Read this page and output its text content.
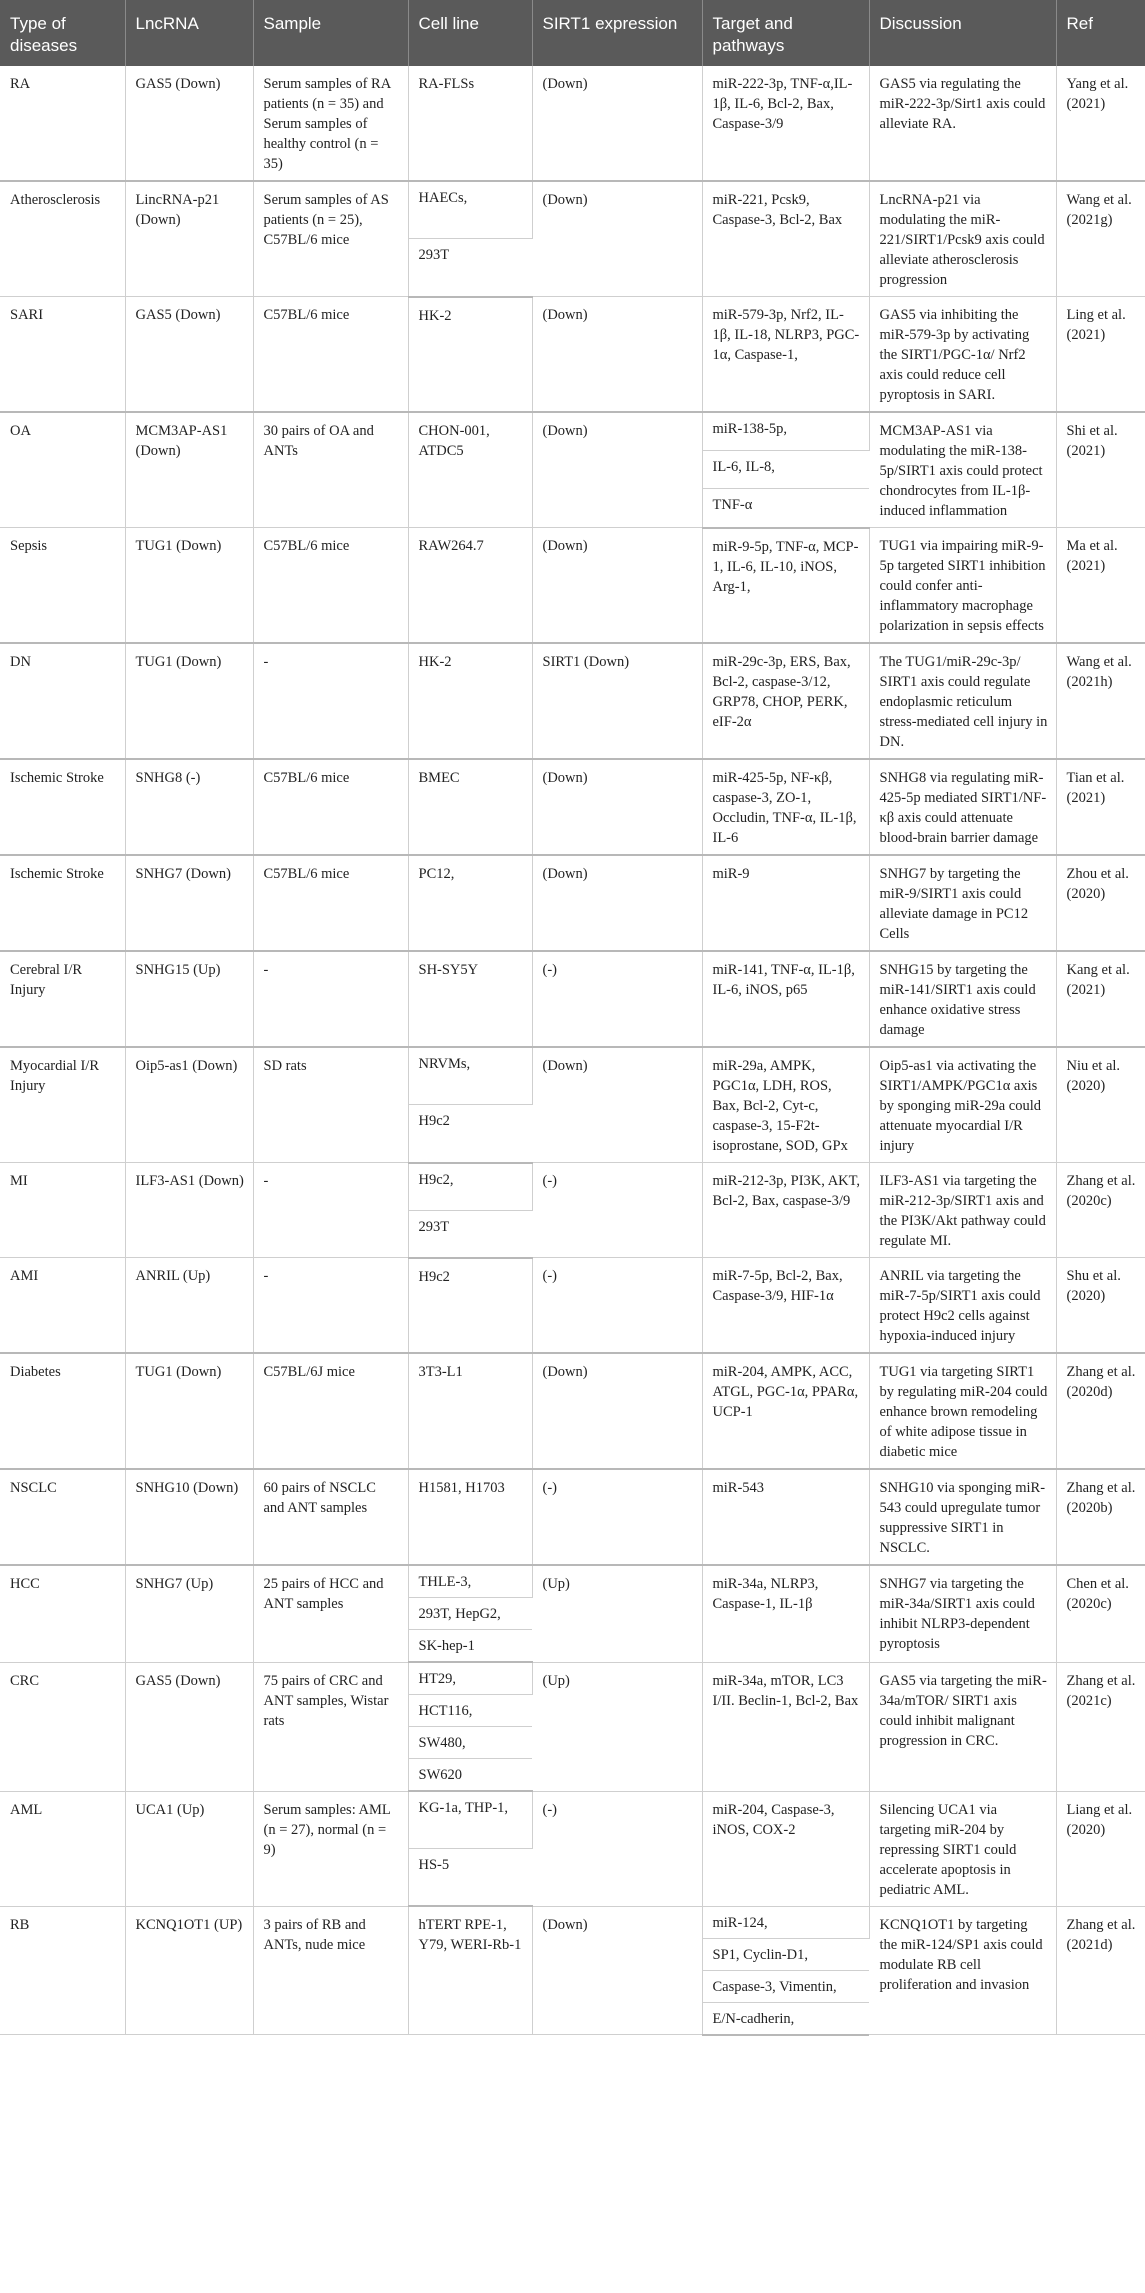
Type of diseases	LncRNA	Sample	Cell line	SIRT1 expression	Target and pathways	Discussion	Ref
RA	GAS5 (Down)	Serum samples of RA patients (n = 35) and Serum samples of healthy control (n = 35)	RA-FLSs	(Down)	miR-222-3p, TNF-α,IL-1β, IL-6, Bcl-2, Bax, Caspase-3/9	GAS5 via regulating the miR-222-3p/Sirt1 axis could alleviate RA.	Yang et al. (2021)
Atherosclerosis	LincRNA-p21 (Down)	Serum samples of AS patients (n = 25), C57BL/6 mice	HAECs,	(Down)	miR-221, Pcsk9, Caspase-3, Bcl-2, Bax	LncRNA-p21 via modulating the miR-221/SIRT1/Pcsk9 axis could alleviate atherosclerosis progression	Wang et al. (2021g)
			293T				
SARI	GAS5 (Down)	C57BL/6 mice	HK-2	(Down)	miR-579-3p, Nrf2, IL-1β, IL-18, NLRP3, PGC-1α, Caspase-1,	GAS5 via inhibiting the miR-579-3p by activating the SIRT1/PGC-1α/ Nrf2 axis could reduce cell pyroptosis in SARI.	Ling et al. (2021)
OA	MCM3AP-AS1 (Down)	30 pairs of OA and ANTs	CHON-001, ATDC5	(Down)	miR-138-5p,	MCM3AP-AS1 via modulating the miR-138-5p/SIRT1 axis could protect chondrocytes from IL-1β-induced inflammation	Shi et al. (2021)
					IL-6, IL-8,		
					TNF-α		
Sepsis	TUG1 (Down)	C57BL/6 mice	RAW264.7	(Down)	miR-9-5p, TNF-α, MCP-1, IL-6, IL-10, iNOS, Arg-1,	TUG1 via impairing miR-9-5p targeted SIRT1 inhibition could confer anti-inflammatory macrophage polarization in sepsis effects	Ma et al. (2021)
DN	TUG1 (Down)	-	HK-2	SIRT1 (Down)	miR-29c-3p, ERS, Bax, Bcl-2, caspase-3/12, GRP78, CHOP, PERK, eIF-2α	The TUG1/miR-29c-3p/ SIRT1 axis could regulate endoplasmic reticulum stress-mediated cell injury in DN.	Wang et al. (2021h)
Ischemic Stroke	SNHG8 (-)	C57BL/6 mice	BMEC	(Down)	miR-425-5p, NF-κβ, caspase-3, ZO-1, Occludin, TNF-α, IL-1β, IL-6	SNHG8 via regulating miR-425-5p mediated SIRT1/NF-κβ axis could attenuate blood-brain barrier damage	Tian et al. (2021)
Ischemic Stroke	SNHG7 (Down)	C57BL/6 mice	PC12,	(Down)	miR-9	SNHG7 by targeting the miR-9/SIRT1 axis could alleviate damage in PC12 Cells	Zhou et al. (2020)
Cerebral I/R Injury	SNHG15 (Up)	-	SH-SY5Y	(-)	miR-141, TNF-α, IL-1β, IL-6, iNOS, p65	SNHG15 by targeting the miR-141/SIRT1 axis could enhance oxidative stress damage	Kang et al. (2021)
Myocardial I/R Injury	Oip5-as1 (Down)	SD rats	NRVMs,	(Down)	miR-29a, AMPK, PGC1α, LDH, ROS, Bax, Bcl-2, Cyt-c, caspase-3, 15-F2t-isoprostane, SOD, GPx	Oip5-as1 via activating the SIRT1/AMPK/PGC1α axis by sponging miR-29a could attenuate myocardial I/R injury	Niu et al. (2020)
			H9c2				
MI	ILF3-AS1 (Down)	-	H9c2,	(-)	miR-212-3p, PI3K, AKT, Bcl-2, Bax, caspase-3/9	ILF3-AS1 via targeting the miR-212-3p/SIRT1 axis and the PI3K/Akt pathway could regulate MI.	Zhang et al. (2020c)
			293T				
AMI	ANRIL (Up)	-	H9c2	(-)	miR-7-5p, Bcl-2, Bax, Caspase-3/9, HIF-1α	ANRIL via targeting the miR-7-5p/SIRT1 axis could protect H9c2 cells against hypoxia-induced injury	Shu et al. (2020)
Diabetes	TUG1 (Down)	C57BL/6J mice	3T3-L1	(Down)	miR-204, AMPK, ACC, ATGL, PGC-1α, PPARα, UCP-1	TUG1 via targeting SIRT1 by regulating miR-204 could enhance brown remodeling of white adipose tissue in diabetic mice	Zhang et al. (2020d)
NSCLC	SNHG10 (Down)	60 pairs of NSCLC and ANT samples	H1581, H1703	(-)	miR-543	SNHG10 via sponging miR-543 could upregulate tumor suppressive SIRT1 in NSCLC.	Zhang et al. (2020b)
HCC	SNHG7 (Up)	25 pairs of HCC and ANT samples	THLE-3,	(Up)	miR-34a, NLRP3, Caspase-1, IL-1β	SNHG7 via targeting the miR-34a/SIRT1 axis could inhibit NLRP3-dependent pyroptosis	Chen et al. (2020c)
			293T, HepG2,				
			SK-hep-1				
CRC	GAS5 (Down)	75 pairs of CRC and ANT samples, Wistar rats	HT29,	(Up)	miR-34a, mTOR, LC3 I/II. Beclin-1, Bcl-2, Bax	GAS5 via targeting the miR-34a/mTOR/ SIRT1 axis could inhibit malignant progression in CRC.	Zhang et al. (2021c)
			HCT116,				
			SW480,				
			SW620				
AML	UCA1 (Up)	Serum samples: AML (n = 27), normal (n = 9)	KG-1a, THP-1,	(-)	miR-204, Caspase-3, iNOS, COX-2	Silencing UCA1 via targeting miR-204 by repressing SIRT1 could accelerate apoptosis in pediatric AML.	Liang et al. (2020)
			HS-5				
RB	KCNQ1OT1 (UP)	3 pairs of RB and ANTs, nude mice	hTERT RPE-1, Y79, WERI-Rb-1	(Down)	miR-124,	KCNQ1OT1 by targeting the miR-124/SP1 axis could modulate RB cell proliferation and invasion	Zhang et al. (2021d)
					SP1, Cyclin-D1,		
					Caspase-3, Vimentin,		
					E/N-cadherin,		
